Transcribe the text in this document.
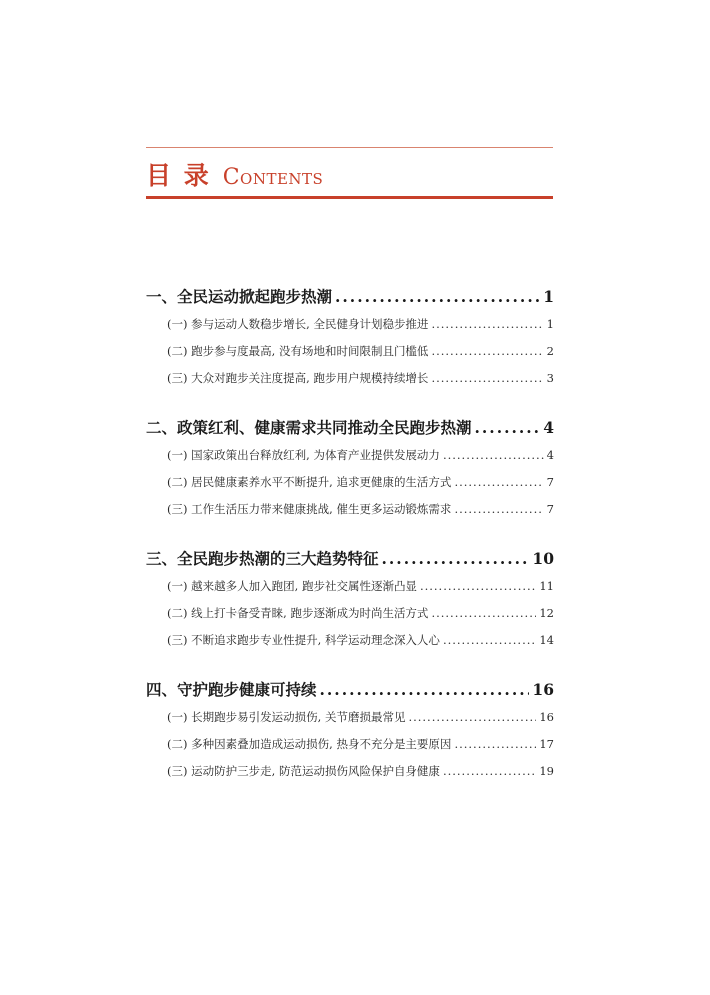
目 录 Contents
一、全民运动掀起跑步热潮 .....	1
(一) 参与运动人数稳步增长, 全民健身计划稳步推进 .....	1
(二) 跑步参与度最高, 没有场地和时间限制且门槛低 .....	2
(三) 大众对跑步关注度提高, 跑步用户规模持续增长 .....	3
二、政策红利、健康需求共同推动全民跑步热潮 .....	4
(一) 国家政策出台释放红利, 为体育产业提供发展动力 .....	4
(二) 居民健康素养水平不断提升, 追求更健康的生活方式 .....	7
(三) 工作生活压力带来健康挑战, 催生更多运动锻炼需求 .....	7
三、全民跑步热潮的三大趋势特征 .....	10
(一) 越来越多人加入跑团, 跑步社交属性逐渐凸显 .....	11
(二) 线上打卡备受青睐, 跑步逐渐成为时尚生活方式 .....	12
(三) 不断追求跑步专业性提升, 科学运动理念深入人心 .....	14
四、守护跑步健康可持续 .....	16
(一) 长期跑步易引发运动损伤, 关节磨损最常见 .....	16
(二) 多种因素叠加造成运动损伤, 热身不充分是主要原因 .....	17
(三) 运动防护三步走, 防范运动损伤风险保护自身健康 .....	19
